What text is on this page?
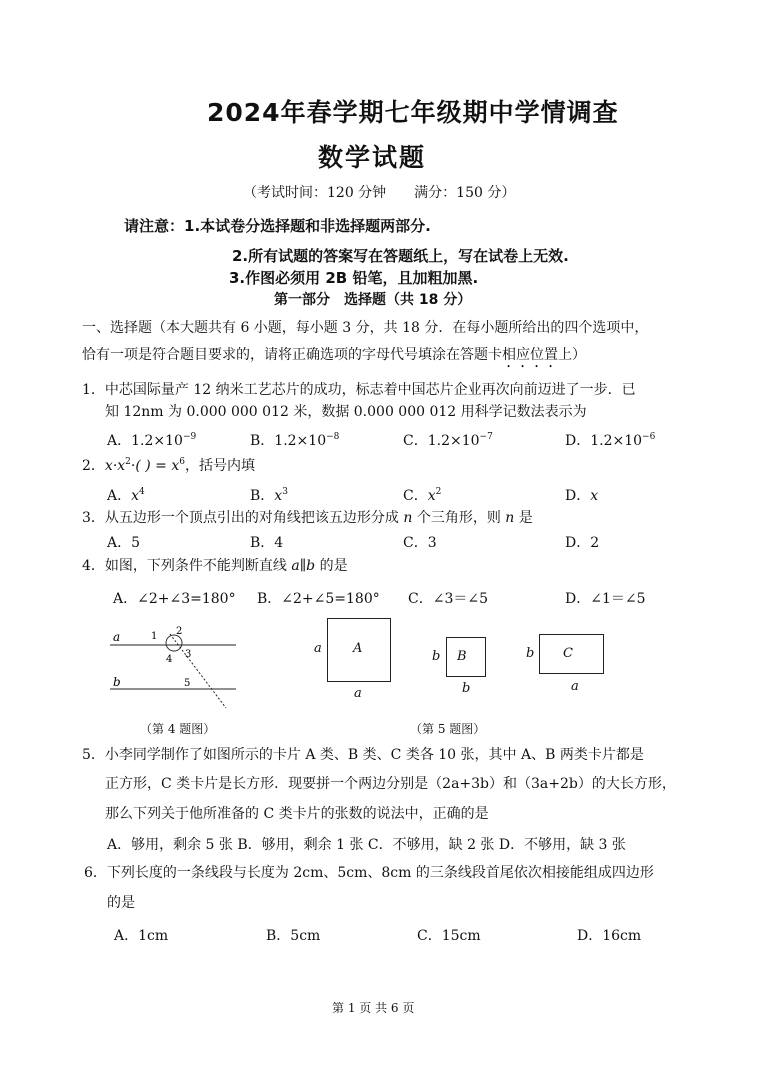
2024年春学期七年级期中学情调查
数学试题
（考试时间：120 分钟　　满分：150 分）
请注意：1.本试卷分选择题和非选择题两部分.
2.所有试题的答案写在答题纸上，写在试卷上无效.
3.作图必须用 2B 铅笔，且加粗加黑.
第一部分　选择题（共 18 分）
一、选择题（本大题共有 6 小题，每小题 3 分，共 18 分．在每小题所给出的四个选项中，
恰有一项是符合题目要求的，请将正确选项的字母代号填涂在答题卡相应位置上）
1．中芯国际量产 12 纳米工艺芯片的成功，标志着中国芯片企业再次向前迈进了一步．已
知 12nm 为 0.000 000 012 米，数据 0.000 000 012 用科学记数法表示为
A．$1.2\times 10^{-9}$	B．$1.2\times 10^{-8}$	C．$1.2\times 10^{-7}$	D．$1.2\times 10^{-6}$
2．$x\cdot x^2\cdot$( ) = $x^6$，括号内填
A．$x^4$	B．$x^3$	C．$x^2$	D．x
3．从五边形一个顶点引出的对角线把该五边形分成 n 个三角形，则 n 是
A．5	B．4	C．3	D．2
4．如图，下列条件不能判断直线 a∥b 的是
A．∠2+∠3=180° B．∠2+∠5=180° C．∠3＝∠5	D．∠1＝∠5
a
b
1 2
3
4
5
（第 4 题图）
A
a
a
B
b
b
C
b
a
（第 5 题图）
5．小李同学制作了如图所示的卡片 A 类、B 类、C 类各 10 张，其中 A、B 两类卡片都是
正方形，C 类卡片是长方形．现要拼一个两边分别是（2a+3b）和（3a+2b）的大长方形，
那么下列关于他所准备的 C 类卡片的张数的说法中，正确的是
A．够用，剩余 5 张 B．够用，剩余 1 张 C．不够用，缺 2 张 D．不够用，缺 3 张
6．下列长度的一条线段与长度为 2cm、5cm、8cm 的三条线段首尾依次相接能组成四边形
的是
A．1cm	B．5cm	C．15cm	D．16cm
第 1 页 共 6 页
